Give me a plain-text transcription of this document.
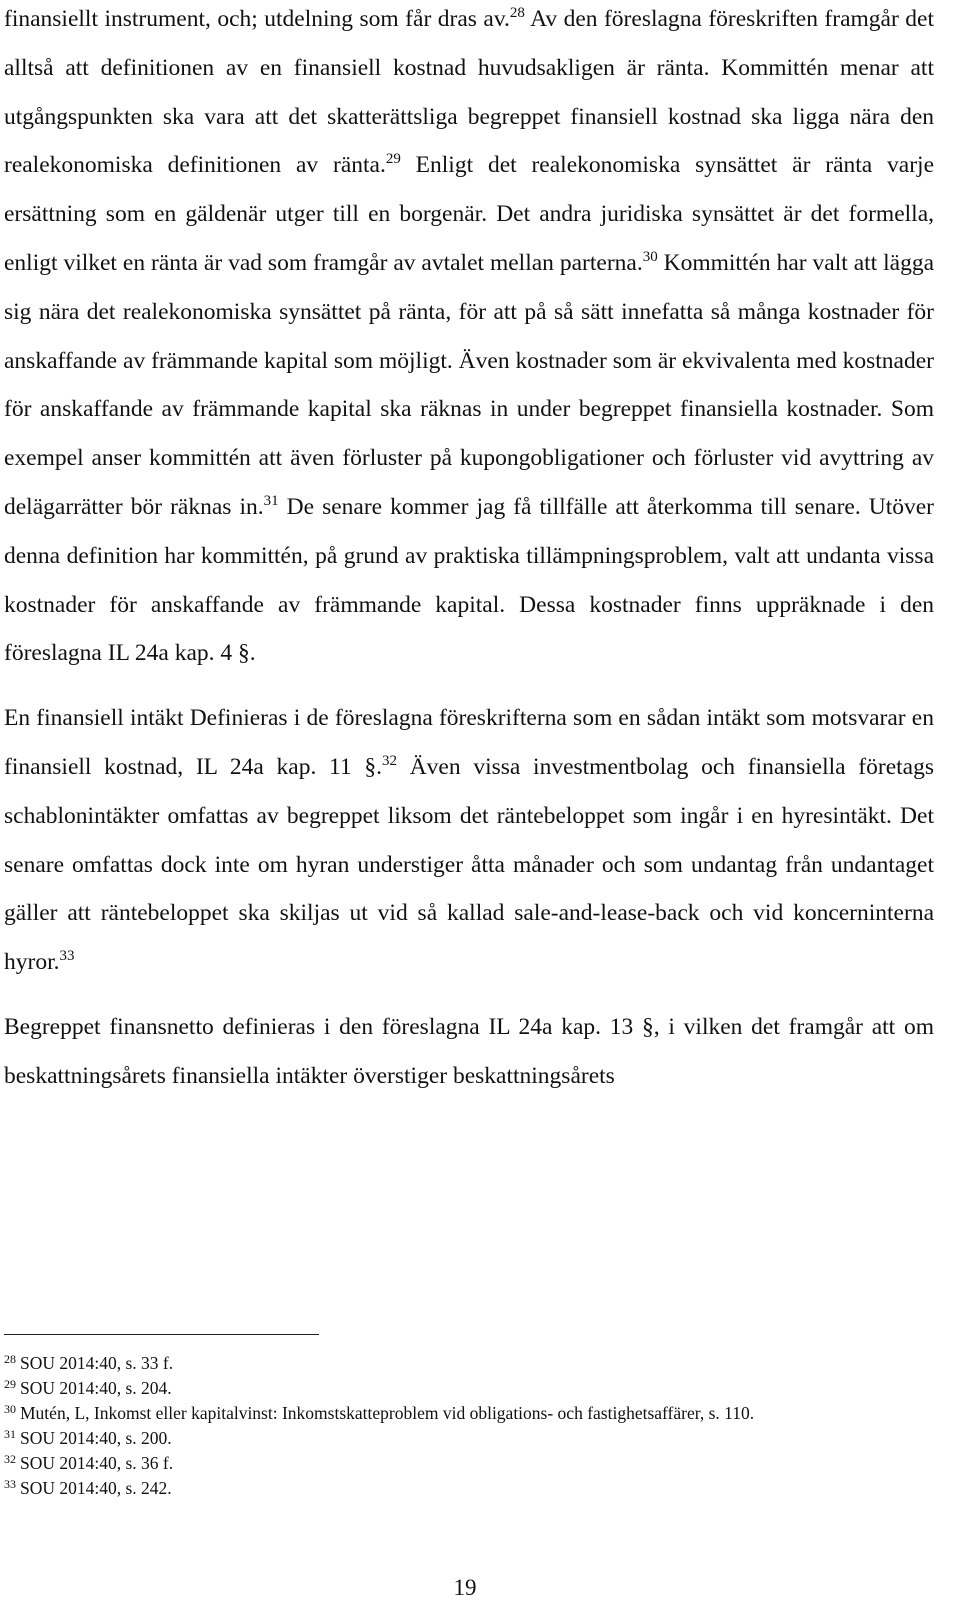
finansiellt instrument, och; utdelning som får dras av.$^{28}$ Av den föreslagna föreskriften framgår det alltså att definitionen av en finansiell kostnad huvudsakligen är ränta. Kommittén menar att utgångspunkten ska vara att det skatterättsliga begreppet finansiell kostnad ska ligga nära den realekonomiska definitionen av ränta.$^{29}$ Enligt det realekonomiska synsättet är ränta varje ersättning som en gäldenär utger till en borgenär. Det andra juridiska synsättet är det formella, enligt vilket en ränta är vad som framgår av avtalet mellan parterna.$^{30}$ Kommittén har valt att lägga sig nära det realekonomiska synsättet på ränta, för att på så sätt innefatta så många kostnader för anskaffande av främmande kapital som möjligt. Även kostnader som är ekvivalenta med kostnader för anskaffande av främmande kapital ska räknas in under begreppet finansiella kostnader. Som exempel anser kommittén att även förluster på kupongobligationer och förluster vid avyttring av delägarrätter bör räknas in.$^{31}$ De senare kommer jag få tillfälle att återkomma till senare. Utöver denna definition har kommittén, på grund av praktiska tillämpningsproblem, valt att undanta vissa kostnader för anskaffande av främmande kapital. Dessa kostnader finns uppräknade i den föreslagna IL 24a kap. 4 §.

En finansiell intäkt Definieras i de föreslagna föreskrifterna som en sådan intäkt som motsvarar en finansiell kostnad, IL 24a kap. 11 §.$^{32}$ Även vissa investmentbolag och finansiella företags schablonintäkter omfattas av begreppet liksom det räntebeloppet som ingår i en hyresintäkt. Det senare omfattas dock inte om hyran understiger åtta månader och som undantag från undantaget gäller att räntebeloppet ska skiljas ut vid så kallad sale-and-lease-back och vid koncerninterna hyror.$^{33}$

Begreppet finansnetto definieras i den föreslagna IL 24a kap. 13 §, i vilken det framgår att om beskattningsårets finansiella intäkter överstiger beskattningsårets

$^{28}$ SOU 2014:40, s. 33 f.

$^{29}$ SOU 2014:40, s. 204.

$^{30}$ Mutén, L, Inkomst eller kapitalvinst: Inkomstskatteproblem vid obligations- och fastighetsaffärer, s. 110.

$^{31}$ SOU 2014:40, s. 200.

$^{32}$ SOU 2014:40, s. 36 f.

$^{33}$ SOU 2014:40, s. 242.

19
